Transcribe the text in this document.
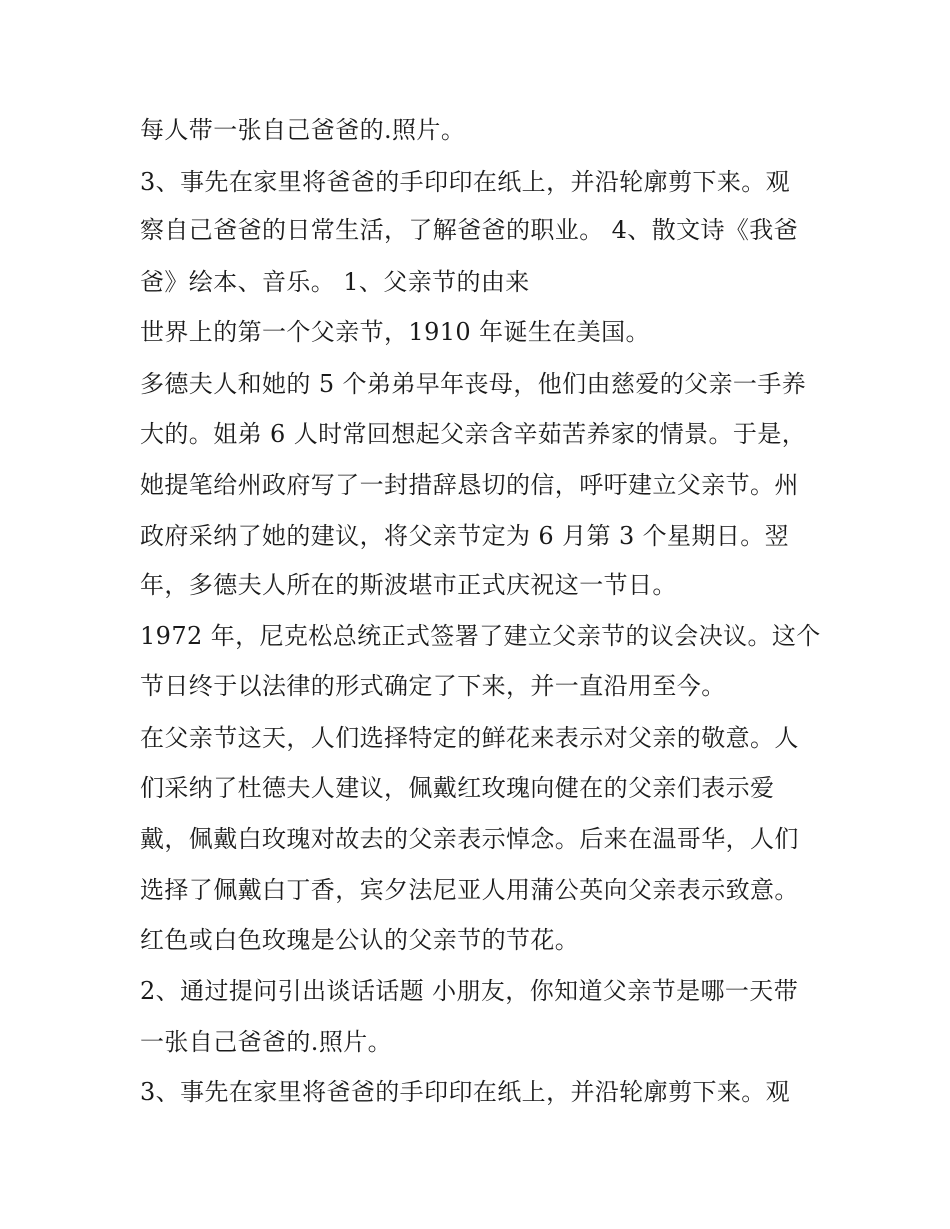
每人带一张自己爸爸的.照片。

3、事先在家里将爸爸的手印印在纸上，并沿轮廓剪下来。观

察自己爸爸的日常生活，了解爸爸的职业。 4、散文诗《我爸

爸》绘本、音乐。 1、父亲节的由来

世界上的第一个父亲节，1910 年诞生在美国。

多德夫人和她的 5 个弟弟早年丧母，他们由慈爱的父亲一手养

大的。姐弟 6 人时常回想起父亲含辛茹苦养家的情景。于是，

她提笔给州政府写了一封措辞恳切的信，呼吁建立父亲节。州

政府采纳了她的建议，将父亲节定为 6 月第 3 个星期日。翌

年，多德夫人所在的斯波堪市正式庆祝这一节日。

1972 年，尼克松总统正式签署了建立父亲节的议会决议。这个

节日终于以法律的形式确定了下来，并一直沿用至今。

在父亲节这天，人们选择特定的鲜花来表示对父亲的敬意。人

们采纳了杜德夫人建议，佩戴红玫瑰向健在的父亲们表示爱

戴，佩戴白玫瑰对故去的父亲表示悼念。后来在温哥华，人们

选择了佩戴白丁香，宾夕法尼亚人用蒲公英向父亲表示致意。

红色或白色玫瑰是公认的父亲节的节花。

2、通过提问引出谈话话题 小朋友，你知道父亲节是哪一天带

一张自己爸爸的.照片。

3、事先在家里将爸爸的手印印在纸上，并沿轮廓剪下来。观
